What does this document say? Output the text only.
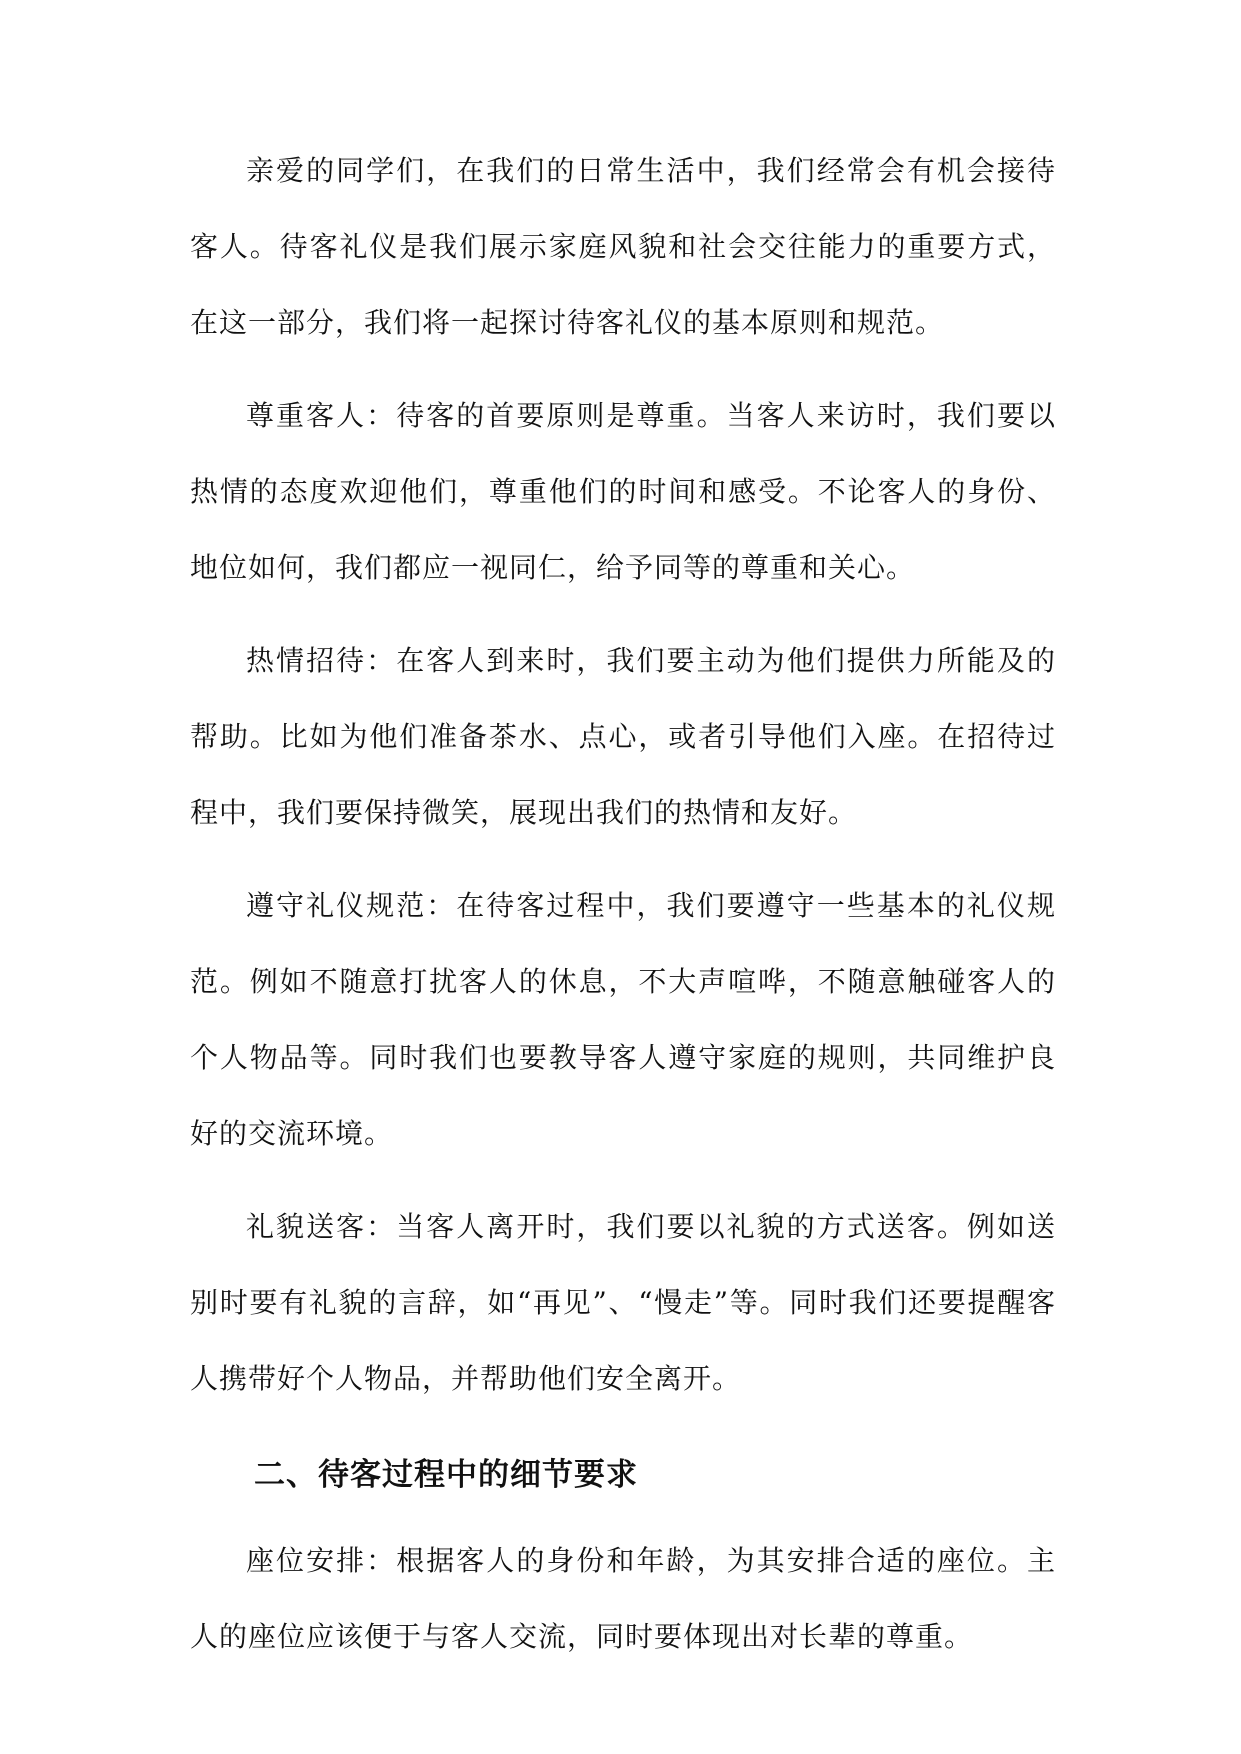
亲爱的同学们，在我们的日常生活中，我们经常会有机会接待客人。待客礼仪是我们展示家庭风貌和社会交往能力的重要方式，在这一部分，我们将一起探讨待客礼仪的基本原则和规范。

尊重客人：待客的首要原则是尊重。当客人来访时，我们要以热情的态度欢迎他们，尊重他们的时间和感受。不论客人的身份、地位如何，我们都应一视同仁，给予同等的尊重和关心。

热情招待：在客人到来时，我们要主动为他们提供力所能及的帮助。比如为他们准备茶水、点心，或者引导他们入座。在招待过程中，我们要保持微笑，展现出我们的热情和友好。

遵守礼仪规范：在待客过程中，我们要遵守一些基本的礼仪规范。例如不随意打扰客人的休息，不大声喧哗，不随意触碰客人的个人物品等。同时我们也要教导客人遵守家庭的规则，共同维护良好的交流环境。

礼貌送客：当客人离开时，我们要以礼貌的方式送客。例如送别时要有礼貌的言辞，如“再见”、“慢走”等。同时我们还要提醒客人携带好个人物品，并帮助他们安全离开。

二、待客过程中的细节要求

座位安排：根据客人的身份和年龄，为其安排合适的座位。主人的座位应该便于与客人交流，同时要体现出对长辈的尊重。
